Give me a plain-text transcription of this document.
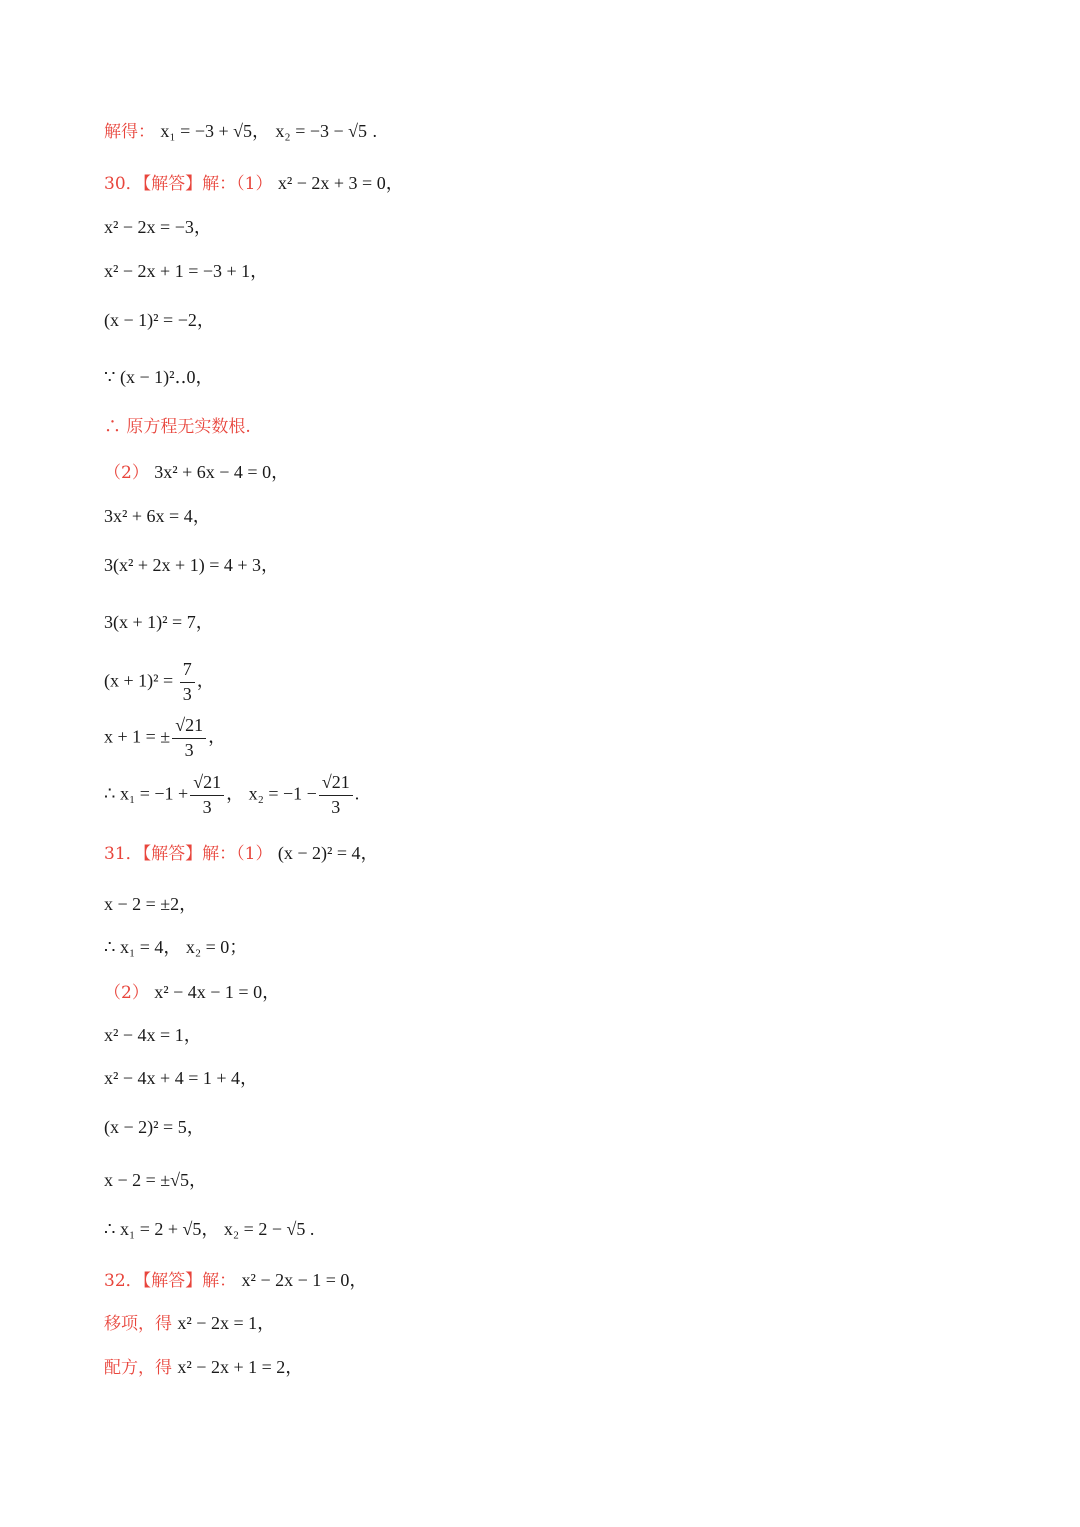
解得： x₁ = −3 + √5， x₂ = −3 − √5 .
30．【解答】解：（1） x² − 2x + 3 = 0，
x² − 2x = −3，
x² − 2x + 1 = −3 + 1，
(x − 1)² = −2，
∵ (x − 1)²‥0，
∴ 原方程无实数根.
（2） 3x² + 6x − 4 = 0，
3x² + 6x = 4，
3(x² + 2x + 1) = 4 + 3，
3(x + 1)² = 7，
$(x + 1)^2 = \frac{7}{3}$ ，
x + 1 = ± $\frac{√21}{3}$ ，
∴ $x_1 = -1 + \frac{√21}{3}$ ， $x_2 = -1 - \frac{√21}{3}$ .
31．【解答】解：（1） (x − 2)² = 4，
x − 2 = ±2，
∴ x₁ = 4， x₂ = 0；
（2） x² − 4x − 1 = 0，
x² − 4x = 1，
x² − 4x + 4 = 1 + 4，
(x − 2)² = 5，
x − 2 = ±√5，
∴ x₁ = 2 + √5， x₂ = 2 − √5 .
32．【解答】解： x² − 2x − 1 = 0，
移项，得 x² − 2x = 1，
配方，得 x² − 2x + 1 = 2，
